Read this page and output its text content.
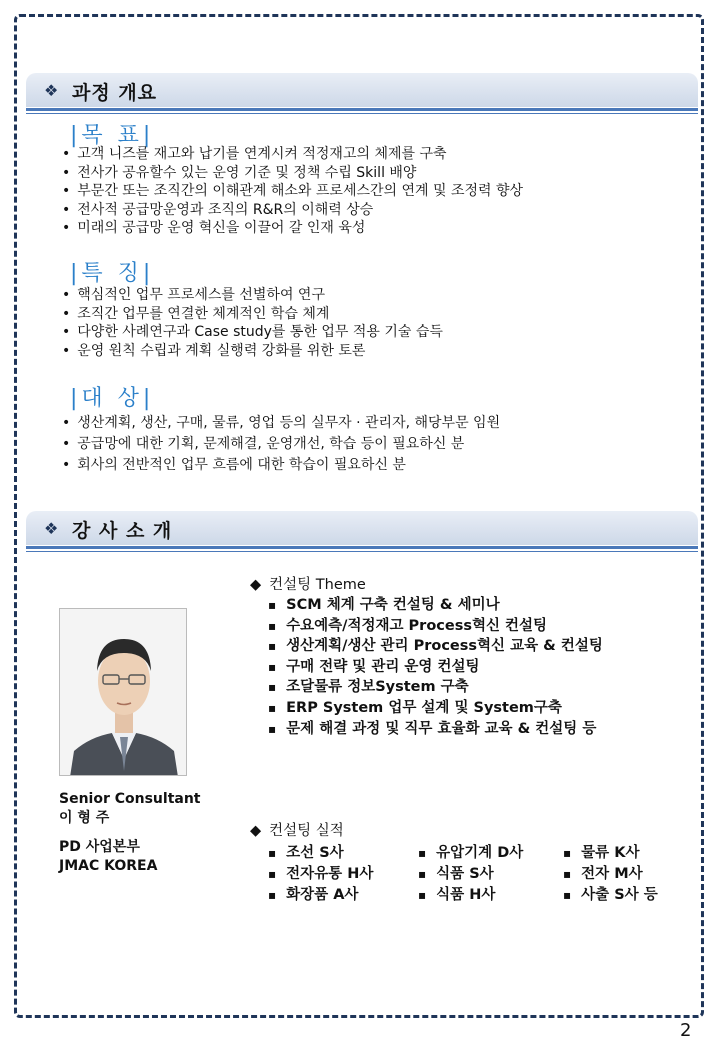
❖ 과정 개요
|목 표|
• 고객 니즈를 재고와 납기를 연계시켜 적정재고의 체제를 구축
• 전사가 공유할수 있는 운영 기준 및 정책 수립 Skill 배양
• 부문간 또는 조직간의 이해관계 해소와 프로세스간의 연계 및 조정력 향상
• 전사적 공급망운영과 조직의 R&R의 이해력 상승
• 미래의 공급망 운영 혁신을 이끌어 갈 인재 육성
|특 징|
• 핵심적인 업무 프로세스를 선별하여 연구
• 조직간 업무를 연결한 체계적인 학습 체계
• 다양한 사례연구과 Case study를 통한 업무 적용 기술 습득
• 운영 원칙 수립과 계획 실행력 강화를 위한 토론
|대 상|
• 생산계획, 생산, 구매, 물류, 영업 등의 실무자 · 관리자, 해당부문 임원
• 공급망에 대한 기획, 문제해결, 운영개선, 학습 등이 필요하신 분
• 회사의 전반적인 업무 흐름에 대한 학습이 필요하신 분
❖ 강 사 소 개
Senior Consultant
이 형 주
PD 사업본부
JMAC KOREA
◆ 컨설팅 Theme
▪ SCM 체계 구축 컨설팅 & 세미나
▪ 수요예측/적정재고 Process혁신 컨설팅
▪ 생산계획/생산 관리 Process혁신 교육 & 컨설팅
▪ 구매 전략 및 관리 운영 컨설팅
▪ 조달물류 정보System 구축
▪ ERP System 업무 설계 및 System구축
▪ 문제 해결 과정 및 직무 효율화 교육 & 컨설팅 등
◆ 컨설팅 실적
▪ 조선 S사	▪ 유압기계 D사	▪ 물류 K사
▪ 전자유통 H사	▪ 식품 S사	▪ 전자 M사
▪ 화장품 A사	▪ 식품 H사	▪ 사출 S사 등
2
